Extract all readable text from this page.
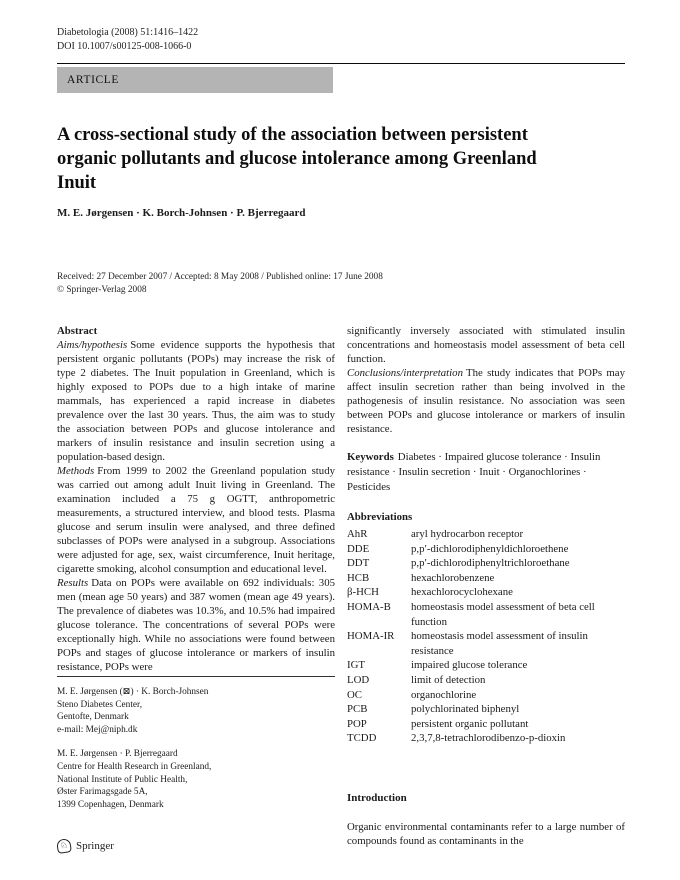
Diabetologia (2008) 51:1416–1422
DOI 10.1007/s00125-008-1066-0
ARTICLE
A cross-sectional study of the association between persistent
organic pollutants and glucose intolerance among Greenland
Inuit
M. E. Jørgensen · K. Borch-Johnsen · P. Bjerregaard
Received: 27 December 2007 / Accepted: 8 May 2008 / Published online: 17 June 2008
© Springer-Verlag 2008

Abstract

Aims/hypothesis Some evidence supports the hypothesis that persistent organic pollutants (POPs) may increase the risk of type 2 diabetes. The Inuit population in Greenland, which is highly exposed to POPs due to a high intake of marine mammals, has experienced a rapid increase in diabetes prevalence over the last 30 years. Thus, the aim was to study the association between POPs and glucose intolerance and markers of insulin resistance and insulin secretion using a population-based design.

Methods From 1999 to 2002 the Greenland population study was carried out among adult Inuit living in Greenland. The examination included a 75 g OGTT, anthropometric measurements, a structured interview, and blood tests. Plasma glucose and serum insulin were analysed, and three defined subclasses of POPs were analysed in a subgroup. Associations were adjusted for age, sex, waist circumference, Inuit heritage, cigarette smoking, alcohol consumption and educational level.

Results Data on POPs were available on 692 individuals: 305 men (mean age 50 years) and 387 women (mean age 49 years). The prevalence of diabetes was 10.3%, and 10.5% had impaired glucose tolerance. The concentrations of several POPs were exceptionally high. While no associations were found between POPs and stages of glucose intolerance or markers of insulin resistance, POPs were

M. E. Jørgensen (⊠) · K. Borch-Johnsen
Steno Diabetes Center,
Gentofte, Denmark
e-mail: Mej@niph.dk
M. E. Jørgensen · P. Bjerregaard
Centre for Health Research in Greenland,
National Institute of Public Health,
Øster Farimagsgade 5A,
1399 Copenhagen, Denmark

significantly inversely associated with stimulated insulin concentrations and homeostasis model assessment of beta cell function.

Conclusions/interpretation The study indicates that POPs may affect insulin secretion rather than being involved in the pathogenesis of insulin resistance. No association was seen between POPs and glucose intolerance or markers of insulin resistance.

Keywords Diabetes · Impaired glucose tolerance · Insulin resistance · Insulin secretion · Inuit · Organochlorines · Pesticides

Abbreviations
AhR	aryl hydrocarbon receptor
DDE	p,p′-dichlorodiphenyldichloroethene
DDT	p,p′-dichlorodiphenyltrichloroethane
HCB	hexachlorobenzene
β-HCH	hexachlorocyclohexane
HOMA-B	homeostasis model assessment of beta cell function
HOMA-IR	homeostasis model assessment of insulin resistance
IGT	impaired glucose tolerance
LOD	limit of detection
OC	organochlorine
PCB	polychlorinated biphenyl
POP	persistent organic pollutant
TCDD	2,3,7,8-tetrachlorodibenzo-p-dioxin
Introduction

Organic environmental contaminants refer to a large number of compounds found as contaminants in the

♘ Springer
